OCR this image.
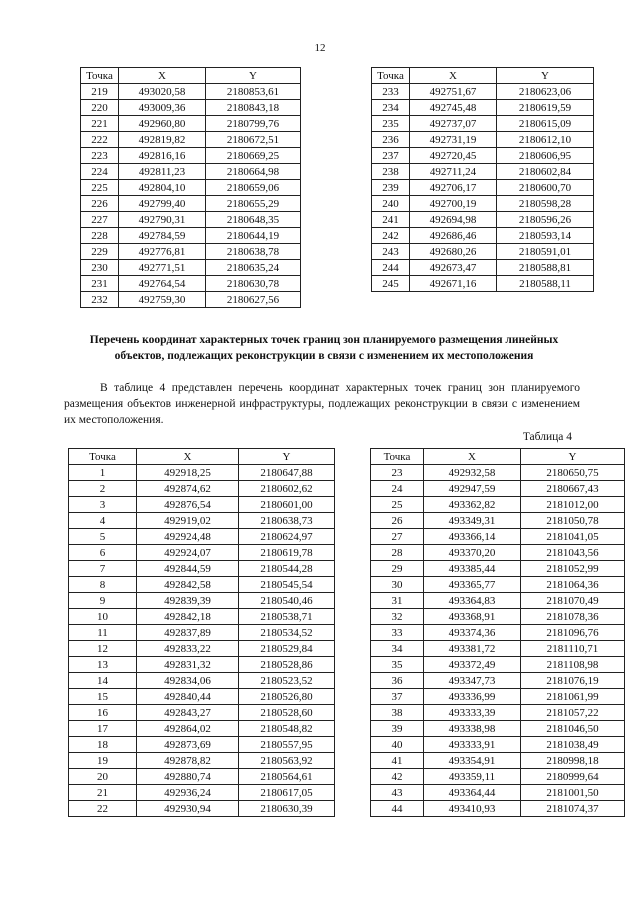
12
Точка	X	Y
219	493020,58	2180853,61
220	493009,36	2180843,18
221	492960,80	2180799,76
222	492819,82	2180672,51
223	492816,16	2180669,25
224	492811,23	2180664,98
225	492804,10	2180659,06
226	492799,40	2180655,29
227	492790,31	2180648,35
228	492784,59	2180644,19
229	492776,81	2180638,78
230	492771,51	2180635,24
231	492764,54	2180630,78
232	492759,30	2180627,56
Точка	X	Y
233	492751,67	2180623,06
234	492745,48	2180619,59
235	492737,07	2180615,09
236	492731,19	2180612,10
237	492720,45	2180606,95
238	492711,24	2180602,84
239	492706,17	2180600,70
240	492700,19	2180598,28
241	492694,98	2180596,26
242	492686,46	2180593,14
243	492680,26	2180591,01
244	492673,47	2180588,81
245	492671,16	2180588,11
Перечень координат характерных точек границ зон планируемого размещения линейных объектов, подлежащих реконструкции в связи с изменением их местоположения
В таблице 4 представлен перечень координат характерных точек границ зон планируемого размещения объектов инженерной инфраструктуры, подлежащих реконструкции в связи с изменением их местоположения.
Таблица 4
Точка	X	Y
1	492918,25	2180647,88
2	492874,62	2180602,62
3	492876,54	2180601,00
4	492919,02	2180638,73
5	492924,48	2180624,97
6	492924,07	2180619,78
7	492844,59	2180544,28
8	492842,58	2180545,54
9	492839,39	2180540,46
10	492842,18	2180538,71
11	492837,89	2180534,52
12	492833,22	2180529,84
13	492831,32	2180528,86
14	492834,06	2180523,52
15	492840,44	2180526,80
16	492843,27	2180528,60
17	492864,02	2180548,82
18	492873,69	2180557,95
19	492878,82	2180563,92
20	492880,74	2180564,61
21	492936,24	2180617,05
22	492930,94	2180630,39
Точка	X	Y
23	492932,58	2180650,75
24	492947,59	2180667,43
25	493362,82	2181012,00
26	493349,31	2181050,78
27	493366,14	2181041,05
28	493370,20	2181043,56
29	493385,44	2181052,99
30	493365,77	2181064,36
31	493364,83	2181070,49
32	493368,91	2181078,36
33	493374,36	2181096,76
34	493381,72	2181110,71
35	493372,49	2181108,98
36	493347,73	2181076,19
37	493336,99	2181061,99
38	493333,39	2181057,22
39	493338,98	2181046,50
40	493333,91	2181038,49
41	493354,91	2180998,18
42	493359,11	2180999,64
43	493364,44	2181001,50
44	493410,93	2181074,37
